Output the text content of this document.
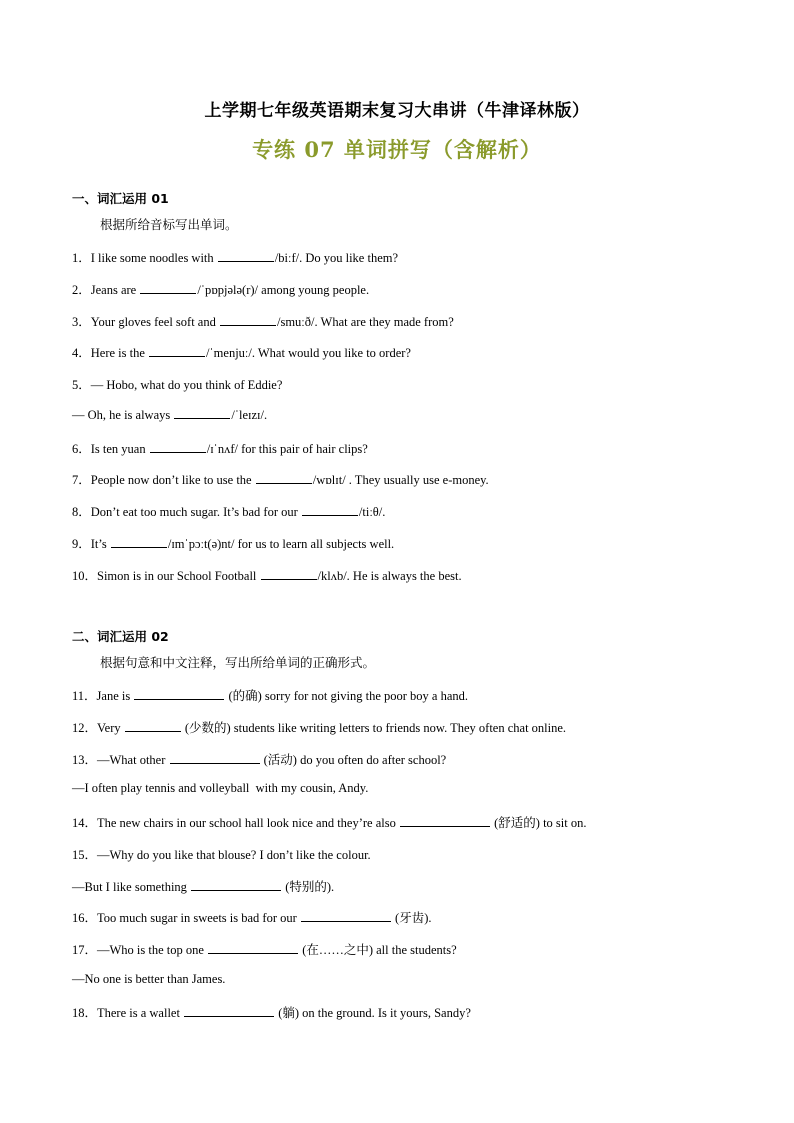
上学期七年级英语期末复习大串讲（牛津译林版）
专练 07 单词拼写（含解析）
一、词汇运用 01
根据所给音标写出单词。
1．I like some noodles with	/biːf/. Do you like them?
2．Jeans are	/ˈpɒpjələ(r)/ among young people.
3．Your gloves feel soft and	/smuːð/. What are they made from?
4．Here is the	/ˈmenjuː/. What would you like to order?
5．— Hobo, what do you think of Eddie?
— Oh, he is always	/ˈleɪzɪ/.
6．Is ten yuan	/ɪˈnʌf/ for this pair of hair clips?
7．People now don’t like to use the	/wɒlɪt/ . They usually use e-money.
8．Don’t eat too much sugar. It’s bad for our	/tiːθ/.
9．It’s	/ɪmˈpɔːt(ə)nt/ for us to learn all subjects well.
10．Simon is in our School Football	/klʌb/. He is always the best.
二、词汇运用 02
根据句意和中文注释，写出所给单词的正确形式。
11．Jane is	(的确) sorry for not giving the poor boy a hand.
12．Very	(少数的) students like writing letters to friends now. They often chat online.
13．—What other	(活动) do you often do after school?
—I often play tennis and volleyball  with my cousin, Andy.
14．The new chairs in our school hall look nice and they’re also	(舒适的) to sit on.
15．—Why do you like that blouse? I don’t like the colour.
—But I like something	(特别的).
16．Too much sugar in sweets is bad for our	(牙齿).
17．—Who is the top one	(在……之中) all the students?
—No one is better than James.
18．There is a wallet	(躺) on the ground. Is it yours, Sandy?
